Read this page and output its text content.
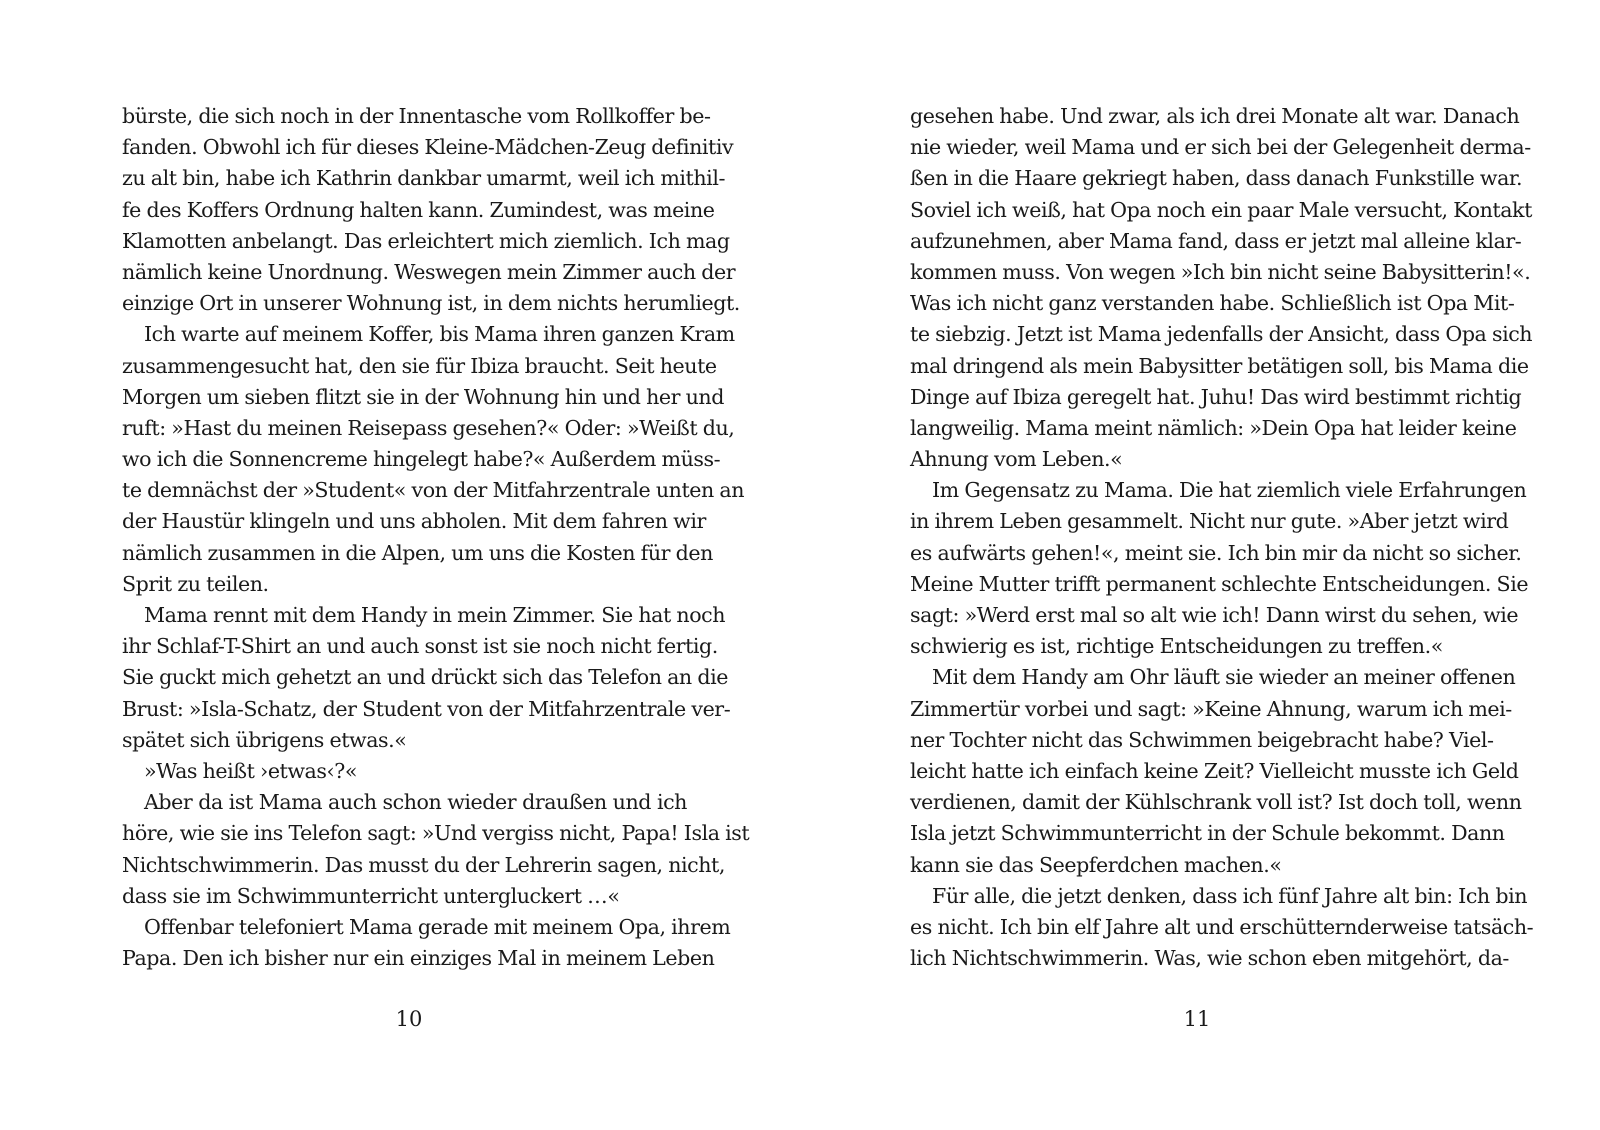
bürste, die sich noch in der Innentasche vom Rollkoffer be-
fanden. Obwohl ich für dieses Kleine-Mädchen-Zeug definitiv
zu alt bin, habe ich Kathrin dankbar umarmt, weil ich mithil-
fe des Koffers Ordnung halten kann. Zumindest, was meine
Klamotten anbelangt. Das erleichtert mich ziemlich. Ich mag
nämlich keine Unordnung. Weswegen mein Zimmer auch der
einzige Ort in unserer Wohnung ist, in dem nichts herumliegt.
Ich warte auf meinem Koffer, bis Mama ihren ganzen Kram
zusammengesucht hat, den sie für Ibiza braucht. Seit heute
Morgen um sieben flitzt sie in der Wohnung hin und her und
ruft: »Hast du meinen Reisepass gesehen?« Oder: »Weißt du,
wo ich die Sonnencreme hingelegt habe?« Außerdem müss-
te demnächst der »Student« von der Mitfahrzentrale unten an
der Haustür klingeln und uns abholen. Mit dem fahren wir
nämlich zusammen in die Alpen, um uns die Kosten für den
Sprit zu teilen.
Mama rennt mit dem Handy in mein Zimmer. Sie hat noch
ihr Schlaf-T-Shirt an und auch sonst ist sie noch nicht fertig.
Sie guckt mich gehetzt an und drückt sich das Telefon an die
Brust: »Isla-Schatz, der Student von der Mitfahrzentrale ver-
spätet sich übrigens etwas.«
»Was heißt ›etwas‹?«
Aber da ist Mama auch schon wieder draußen und ich
höre, wie sie ins Telefon sagt: »Und vergiss nicht, Papa! Isla ist
Nichtschwimmerin. Das musst du der Lehrerin sagen, nicht,
dass sie im Schwimmunterricht untergluckert …«
Offenbar telefoniert Mama gerade mit meinem Opa, ihrem
Papa. Den ich bisher nur ein einziges Mal in meinem Leben
10
gesehen habe. Und zwar, als ich drei Monate alt war. Danach
nie wieder, weil Mama und er sich bei der Gelegenheit derma-
ßen in die Haare gekriegt haben, dass danach Funkstille war.
Soviel ich weiß, hat Opa noch ein paar Male versucht, Kontakt
aufzunehmen, aber Mama fand, dass er jetzt mal alleine klar-
kommen muss. Von wegen »Ich bin nicht seine Babysitterin!«.
Was ich nicht ganz verstanden habe. Schließlich ist Opa Mit-
te siebzig. Jetzt ist Mama jedenfalls der Ansicht, dass Opa sich
mal dringend als mein Babysitter betätigen soll, bis Mama die
Dinge auf Ibiza geregelt hat. Juhu! Das wird bestimmt richtig
langweilig. Mama meint nämlich: »Dein Opa hat leider keine
Ahnung vom Leben.«
Im Gegensatz zu Mama. Die hat ziemlich viele Erfahrungen
in ihrem Leben gesammelt. Nicht nur gute. »Aber jetzt wird
es aufwärts gehen!«, meint sie. Ich bin mir da nicht so sicher.
Meine Mutter trifft permanent schlechte Entscheidungen. Sie
sagt: »Werd erst mal so alt wie ich! Dann wirst du sehen, wie
schwierig es ist, richtige Entscheidungen zu treffen.«
Mit dem Handy am Ohr läuft sie wieder an meiner offenen
Zimmertür vorbei und sagt: »Keine Ahnung, warum ich mei-
ner Tochter nicht das Schwimmen beigebracht habe? Viel-
leicht hatte ich einfach keine Zeit? Vielleicht musste ich Geld
verdienen, damit der Kühlschrank voll ist? Ist doch toll, wenn
Isla jetzt Schwimmunterricht in der Schule bekommt. Dann
kann sie das Seepferdchen machen.«
Für alle, die jetzt denken, dass ich fünf Jahre alt bin: Ich bin
es nicht. Ich bin elf Jahre alt und erschütternderweise tatsäch-
lich Nichtschwimmerin. Was, wie schon eben mitgehört, da-
11
